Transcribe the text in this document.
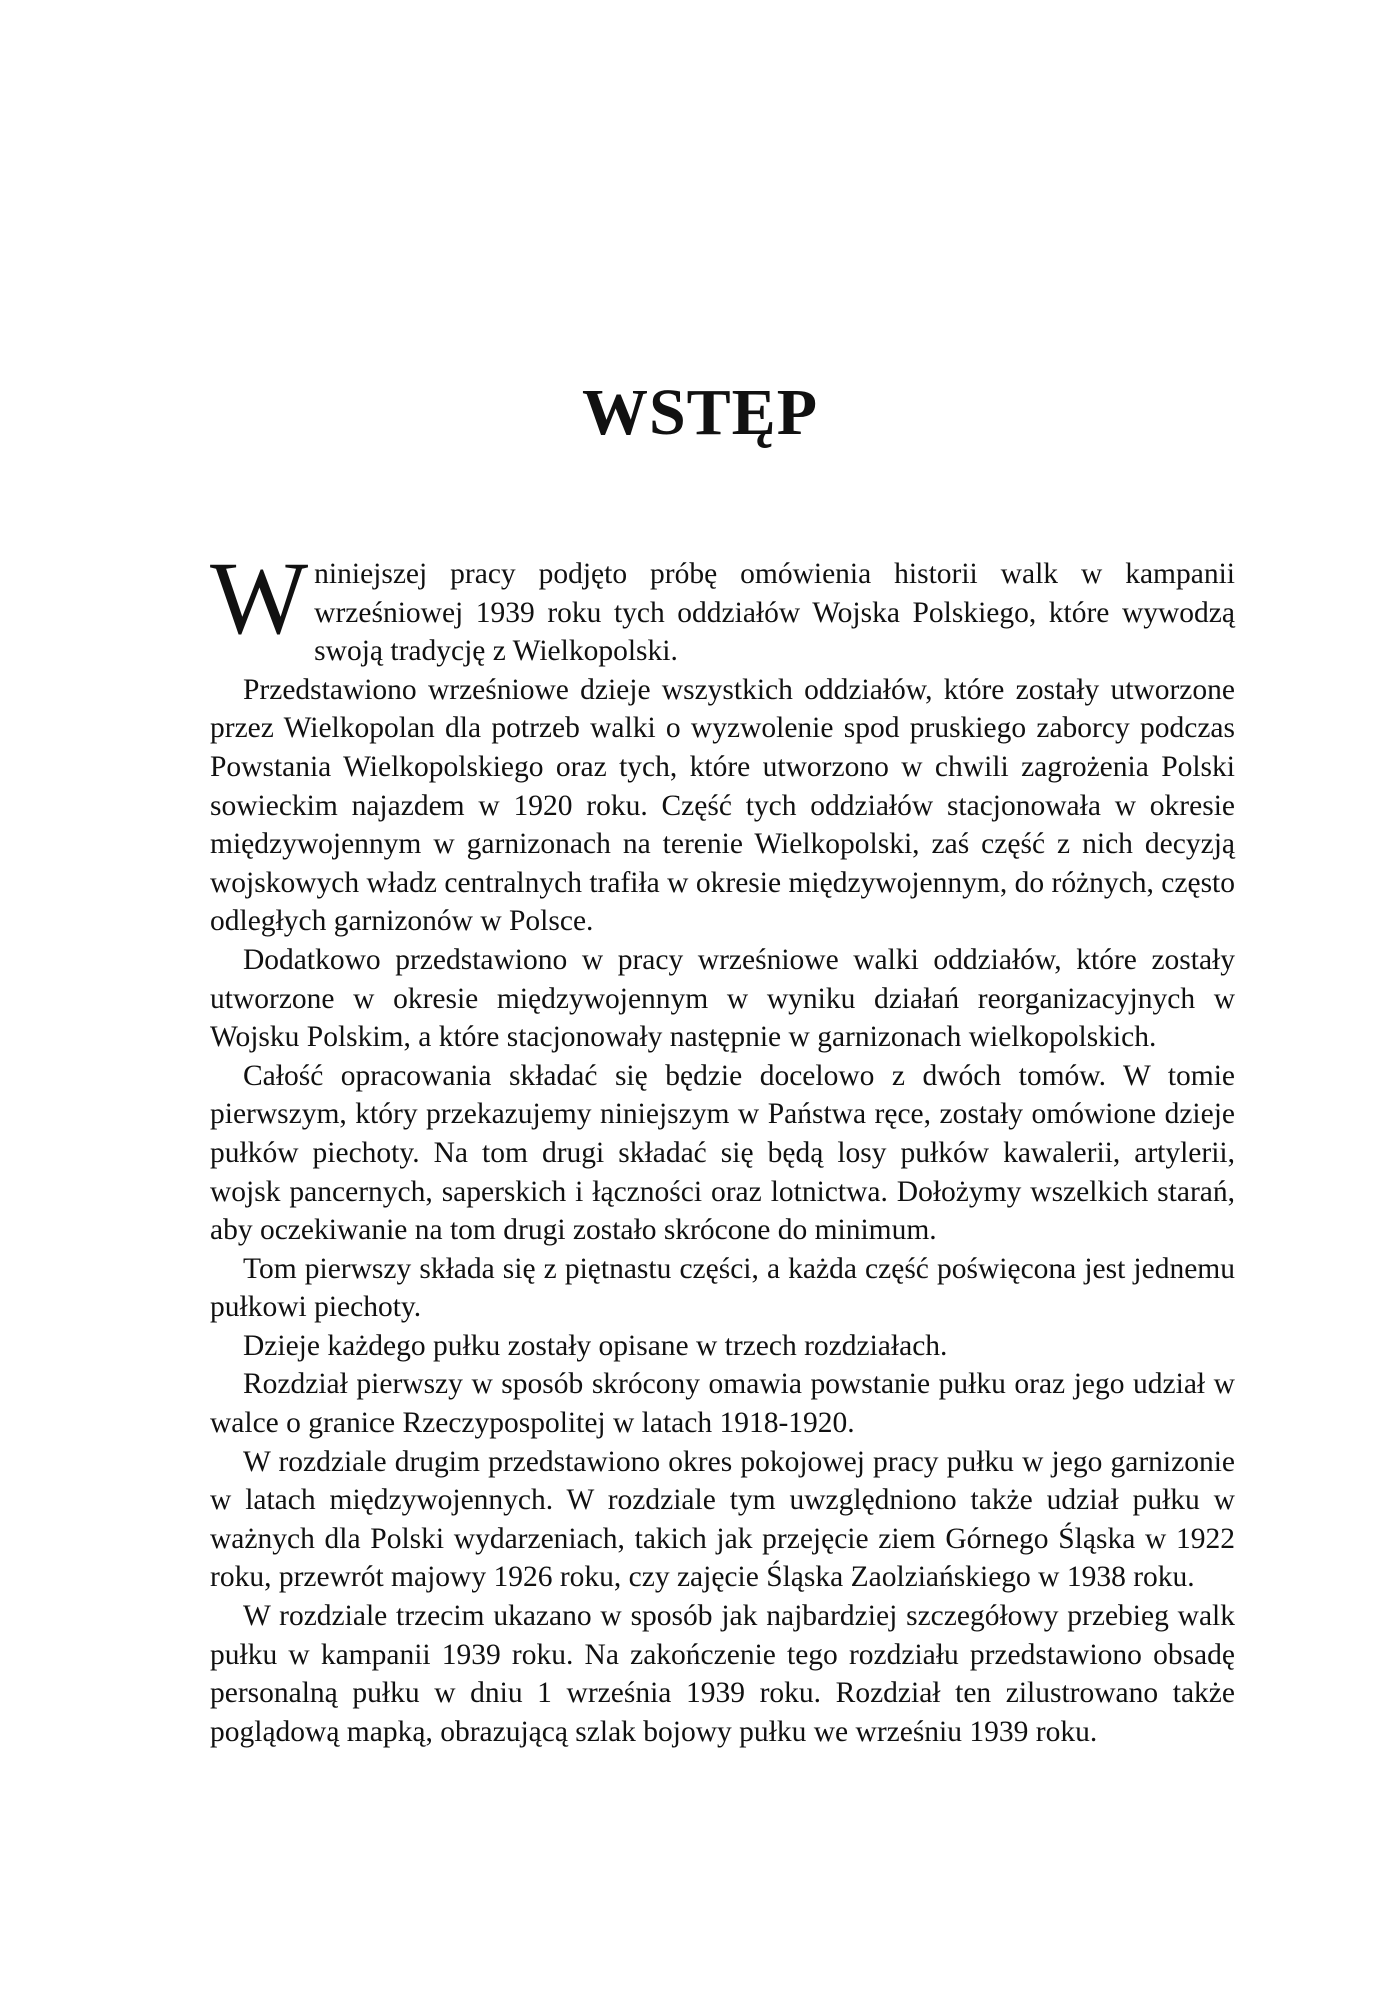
WSTĘP

Wniniejszej pracy podjęto próbę omówienia historii walk w kampanii wrześniowej 1939 roku tych oddziałów Wojska Polskiego, które wywodzą swoją tradycję z Wielkopolski.

Przedstawiono wrześniowe dzieje wszystkich oddziałów, które zostały utworzone przez Wielkopolan dla potrzeb walki o wyzwolenie spod pruskiego zaborcy podczas Powstania Wielkopolskiego oraz tych, które utworzono w chwili zagrożenia Polski sowieckim najazdem w 1920 roku. Część tych oddziałów stacjonowała w okresie międzywojennym w garnizonach na terenie Wielkopolski, zaś część z nich decyzją wojskowych władz centralnych trafiła w okresie międzywojennym, do różnych, często odległych garnizonów w Polsce.

Dodatkowo przedstawiono w pracy wrześniowe walki oddziałów, które zostały utworzone w okresie międzywojennym w wyniku działań reorganizacyjnych w Wojsku Polskim, a które stacjonowały następnie w garnizonach wielkopolskich.

Całość opracowania składać się będzie docelowo z dwóch tomów. W tomie pierwszym, który przekazujemy niniejszym w Państwa ręce, zostały omówione dzieje pułków piechoty. Na tom drugi składać się będą losy pułków kawalerii, artylerii, wojsk pancernych, saperskich i łączności oraz lotnictwa. Dołożymy wszelkich starań, aby oczekiwanie na tom drugi zostało skrócone do minimum.

Tom pierwszy składa się z piętnastu części, a każda część poświęcona jest jednemu pułkowi piechoty.

Dzieje każdego pułku zostały opisane w trzech rozdziałach.

Rozdział pierwszy w sposób skrócony omawia powstanie pułku oraz jego udział w walce o granice Rzeczypospolitej w latach 1918-1920.

W rozdziale drugim przedstawiono okres pokojowej pracy pułku w jego garnizonie w latach międzywojennych. W rozdziale tym uwzględniono także udział pułku w ważnych dla Polski wydarzeniach, takich jak przejęcie ziem Górnego Śląska w 1922 roku, przewrót majowy 1926 roku, czy zajęcie Śląska Zaolziańskiego w 1938 roku.

W rozdziale trzecim ukazano w sposób jak najbardziej szczegółowy przebieg walk pułku w kampanii 1939 roku. Na zakończenie tego rozdziału przedstawiono obsadę personalną pułku w dniu 1 września 1939 roku. Rozdział ten zilustrowano także poglądową mapką, obrazującą szlak bojowy pułku we wrześniu 1939 roku.
